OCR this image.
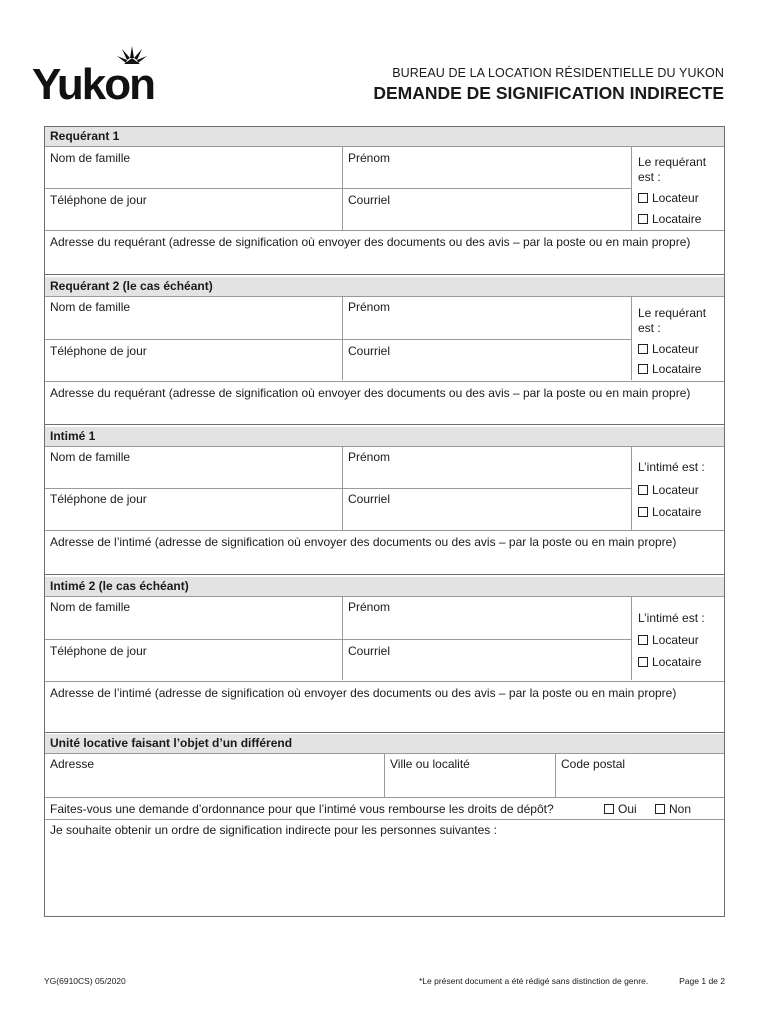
Yukon	BUREAU DE LA LOCATION RÉSIDENTIELLE DU YUKON
DEMANDE DE SIGNIFICATION INDIRECTE
Requérant 1
Nom de famille	Prénom
Téléphone de jour	Courriel
Le requérant
est :
Locateur
Locataire
Adresse du requérant (adresse de signification où envoyer des documents ou des avis – par la poste ou en main propre)
Requérant 2 (le cas échéant)
Nom de famille	Prénom
Téléphone de jour	Courriel
Le requérant
est :
Locateur
Locataire
Adresse du requérant (adresse de signification où envoyer des documents ou des avis – par la poste ou en main propre)
Intimé 1
Nom de famille	Prénom
Téléphone de jour	Courriel
L’intimé est :
Locateur
Locataire
Adresse de l’intimé (adresse de signification où envoyer des documents ou des avis – par la poste ou en main propre)
Intimé 2 (le cas échéant)
Nom de famille	Prénom
Téléphone de jour	Courriel
L’intimé est :
Locateur
Locataire
Adresse de l’intimé (adresse de signification où envoyer des documents ou des avis – par la poste ou en main propre)
Unité locative faisant l’objet d’un différend
Adresse	Ville ou localité	Code postal
Faites-vous une demande d’ordonnance pour que l’intimé vous rembourse les droits de dépôt?	Oui	Non
Je souhaite obtenir un ordre de signification indirecte pour les personnes suivantes :
YG(6910CS) 05/2020	*Le présent document a été rédigé sans distinction de genre.	Page 1 de 2
